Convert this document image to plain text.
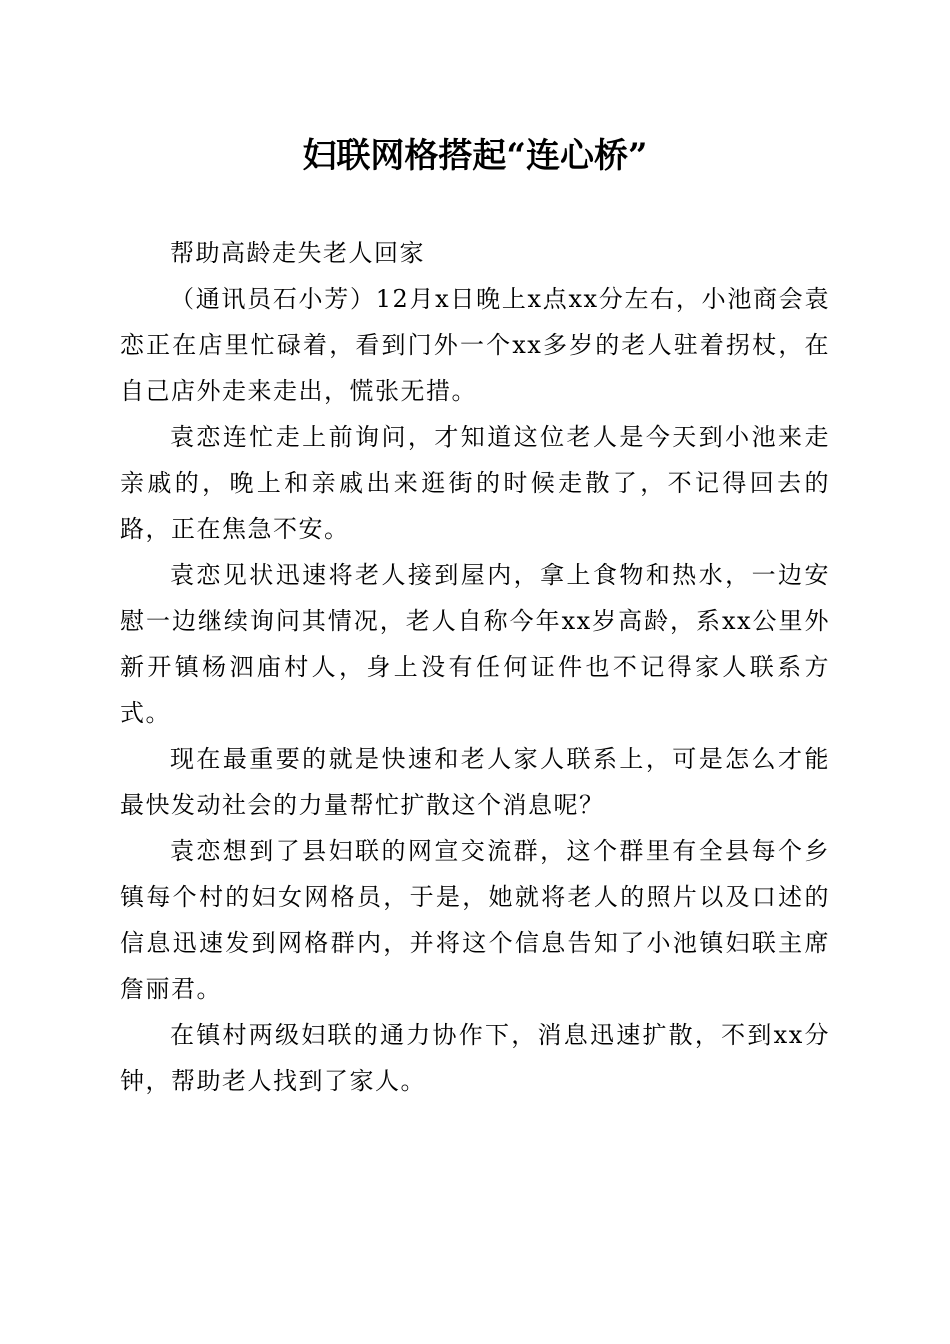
妇联网格搭起“连心桥”

帮助高龄走失老人回家

（通讯员石小芳）12月x日晚上x点xx分左右，小池商会袁恋正在店里忙碌着，看到门外一个xx多岁的老人驻着拐杖，在自己店外走来走出，慌张无措。

袁恋连忙走上前询问，才知道这位老人是今天到小池来走亲戚的，晚上和亲戚出来逛街的时候走散了，不记得回去的路，正在焦急不安。

袁恋见状迅速将老人接到屋内，拿上食物和热水，一边安慰一边继续询问其情况，老人自称今年xx岁高龄，系xx公里外新开镇杨泗庙村人，身上没有任何证件也不记得家人联系方式。

现在最重要的就是快速和老人家人联系上，可是怎么才能最快发动社会的力量帮忙扩散这个消息呢？

袁恋想到了县妇联的网宣交流群，这个群里有全县每个乡镇每个村的妇女网格员，于是，她就将老人的照片以及口述的信息迅速发到网格群内，并将这个信息告知了小池镇妇联主席詹丽君。

在镇村两级妇联的通力协作下，消息迅速扩散，不到xx分钟，帮助老人找到了家人。
